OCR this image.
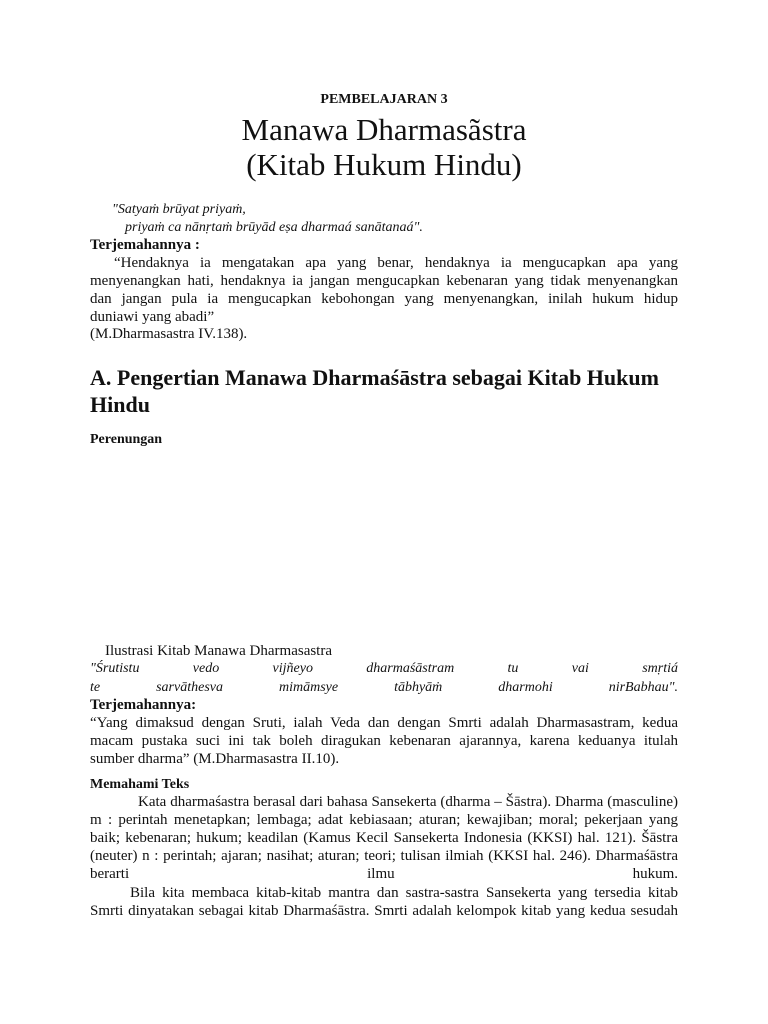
PEMBELAJARAN 3
Manawa Dharmasãstra
(Kitab Hukum Hindu)
"Satyaṁ brūyat priyaṁ,
priyaṁ ca nānṛtaṁ brūyād eṣa dharmaá sanātanaá".
Terjemahannya :
“Hendaknya ia mengatakan apa yang benar, hendaknya ia mengucapkan apa yang
menyenangkan hati, hendaknya ia jangan mengucapkan kebenaran yang tidak menyenangkan
dan jangan pula ia mengucapkan kebohongan yang menyenangkan, inilah hukum hidup
duniawi yang abadi”
(M.Dharmasastra IV.138).
A. Pengertian Manawa Dharmaśāstra sebagai Kitab Hukum
Hindu
Perenungan
Ilustrasi Kitab Manawa Dharmasastra
"Śrutistu vedo vijñeyo dharmaśāstram tu vai smṛtiá
te sarvāthesva mimāmsye tābhyāṁ dharmohi nirBabhau".
Terjemahannya:
“Yang dimaksud dengan Sruti, ialah Veda dan dengan Smrti adalah Dharmasastram, kedua
macam pustaka suci ini tak boleh diragukan kebenaran ajarannya, karena keduanya itulah
sumber dharma” (M.Dharmasastra II.10).
Memahami Teks
Kata dharmaśastra berasal dari bahasa Sansekerta (dharma – Šāstra). Dharma (masculine)
m : perintah menetapkan; lembaga; adat kebiasaan; aturan; kewajiban; moral; pekerjaan yang
baik; kebenaran; hukum; keadilan (Kamus Kecil Sansekerta Indonesia (KKSI) hal. 121). Šāstra
(neuter) n : perintah; ajaran; nasihat; aturan; teori; tulisan ilmiah (KKSI hal. 246). Dharmaśāstra
berarti ilmu hukum.
Bila kita membaca kitab-kitab mantra dan sastra-sastra Sansekerta yang tersedia kitab
Smrti dinyatakan sebagai kitab Dharmaśāstra. Smrti adalah kelompok kitab yang kedua sesudah
